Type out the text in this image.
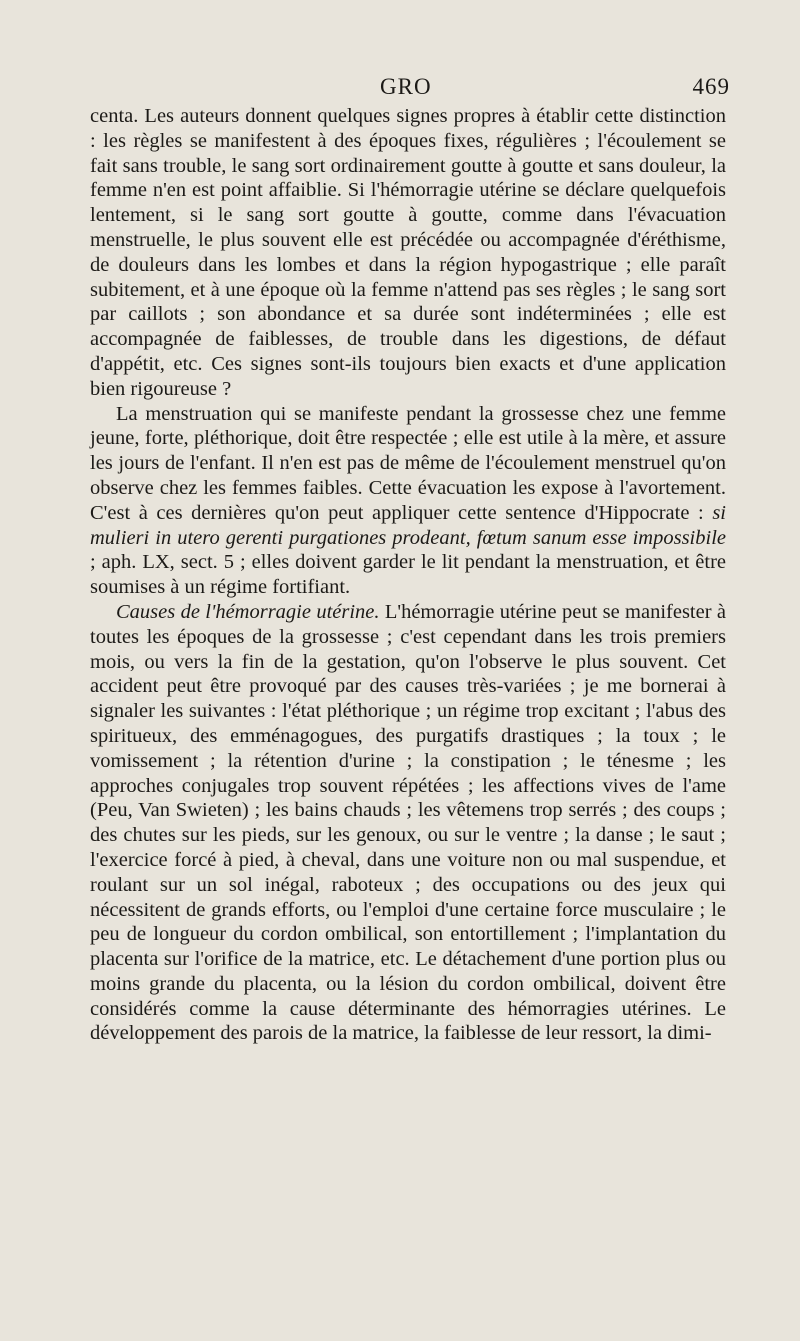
GRO	469

centa. Les auteurs donnent quelques signes propres à établir cette distinction : les règles se manifestent à des époques fixes, régulières ; l'écoulement se fait sans trouble, le sang sort ordinairement goutte à goutte et sans douleur, la femme n'en est point affaiblie. Si l'hémorragie utérine se déclare quelquefois lentement, si le sang sort goutte à goutte, comme dans l'évacuation menstruelle, le plus souvent elle est précédée ou accompagnée d'éréthisme, de douleurs dans les lombes et dans la région hypogastrique ; elle paraît subitement, et à une époque où la femme n'attend pas ses règles ; le sang sort par caillots ; son abondance et sa durée sont indéterminées ; elle est accompagnée de faiblesses, de trouble dans les digestions, de défaut d'appétit, etc. Ces signes sont-ils toujours bien exacts et d'une application bien rigoureuse ?

La menstruation qui se manifeste pendant la grossesse chez une femme jeune, forte, pléthorique, doit être respectée ; elle est utile à la mère, et assure les jours de l'enfant. Il n'en est pas de même de l'écoulement menstruel qu'on observe chez les femmes faibles. Cette évacuation les expose à l'avortement. C'est à ces dernières qu'on peut appliquer cette sentence d'Hippocrate : si mulieri in utero gerenti purgationes prodeant, fœtum sanum esse impossibile ; aph. LX, sect. 5 ; elles doivent garder le lit pendant la menstruation, et être soumises à un régime fortifiant.

Causes de l'hémorragie utérine. L'hémorragie utérine peut se manifester à toutes les époques de la grossesse ; c'est cependant dans les trois premiers mois, ou vers la fin de la gestation, qu'on l'observe le plus souvent. Cet accident peut être provoqué par des causes très-variées ; je me bornerai à signaler les suivantes : l'état pléthorique ; un régime trop excitant ; l'abus des spiritueux, des emménagogues, des purgatifs drastiques ; la toux ; le vomissement ; la rétention d'urine ; la constipation ; le ténesme ; les approches conjugales trop souvent répétées ; les affections vives de l'ame (Peu, Van Swieten) ; les bains chauds ; les vêtemens trop serrés ; des coups ; des chutes sur les pieds, sur les genoux, ou sur le ventre ; la danse ; le saut ; l'exercice forcé à pied, à cheval, dans une voiture non ou mal suspendue, et roulant sur un sol inégal, raboteux ; des occupations ou des jeux qui nécessitent de grands efforts, ou l'emploi d'une certaine force musculaire ; le peu de longueur du cordon ombilical, son entortillement ; l'implantation du placenta sur l'orifice de la matrice, etc. Le détachement d'une portion plus ou moins grande du placenta, ou la lésion du cordon ombilical, doivent être considérés comme la cause déterminante des hémorragies utérines. Le développement des parois de la matrice, la faiblesse de leur ressort, la dimi-
